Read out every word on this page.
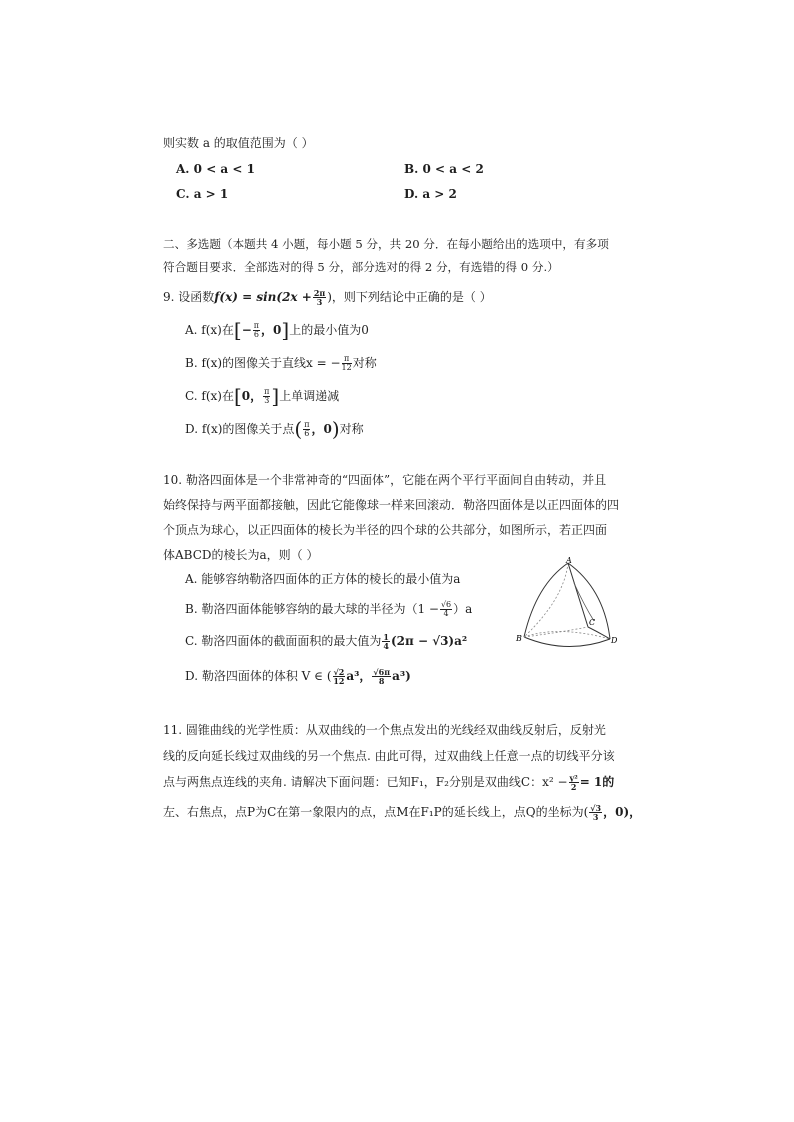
则实数 a 的取值范围为（ ）
A. 0 < a < 1	B. 0 < a < 2
C. a > 1	D. a > 2
二、多选题（本题共 4 小题，每小题 5 分，共 20 分．在每小题给出的选项中，有多项
符合题目要求．全部选对的得 5 分，部分选对的得 2 分，有选错的得 0 分.）
9. 设函数$f(x) = \sin(2x + \frac{2\pi}{3}$ )，则下列结论中正确的是（ ）
A. f(x)在[− $\frac{\pi}{6}$ ，0]上的最小值为0
B. f(x)的图像关于直线x = − $\frac{\pi}{12}$ 对称
C. f(x)在[0， $\frac{\pi}{3}$ ]上单调递减
D. f(x)的图像关于点( $\frac{\pi}{6}$ ，0)对称
10. 勒洛四面体是一个非常神奇的“四面体”，它能在两个平行平面间自由转动，并且
始终保持与两平面都接触，因此它能像球一样来回滚动．勒洛四面体是以正四面体的四
个顶点为球心，以正四面体的棱长为半径的四个球的公共部分，如图所示，若正四面
体ABCD的棱长为a，则（ ）
A. 能够容纳勒洛四面体的正方体的棱长的最小值为a
B. 勒洛四面体能够容纳的最大球的半径为$(1 - \frac{√6}{4} )a$
C. 勒洛四面体的截面面积的最大值为 $\frac{1}{4} (2\pi - √3)a^2$
D. 勒洛四面体的体积 V ∈ ( $\frac{√2}{12} a^3$， $\frac{√6\pi}{8} a^3$)
A
B
C
D
11. 圆锥曲线的光学性质：从双曲线的一个焦点发出的光线经双曲线反射后，反射光
线的反向延长线过双曲线的另一个焦点. 由此可得，过双曲线上任意一点的切线平分该
点与两焦点连线的夹角. 请解决下面问题：已知F₁，F₂分别是双曲线C：$x^2 - \frac{\text{y²}}{2} = 1$的
左、右焦点，点P为C在第一象限内的点，点M在F₁P的延长线上，点Q的坐标为( $\frac{√3}{3}$ ，0)，
